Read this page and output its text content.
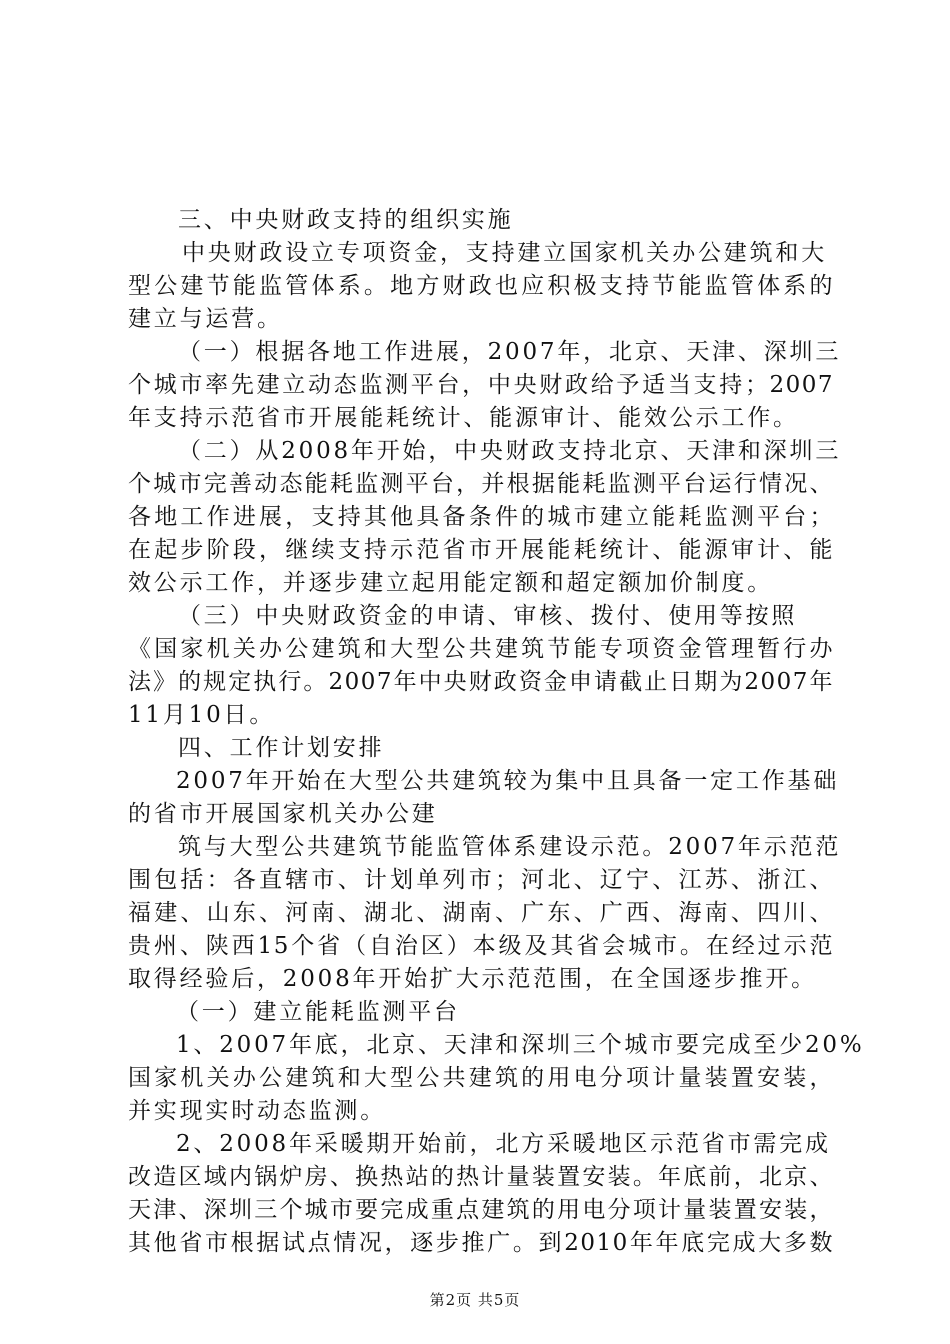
三、中央财政支持的组织实施
中央财政设立专项资金，支持建立国家机关办公建筑和大
型公建节能监管体系。地方财政也应积极支持节能监管体系的
建立与运营。
（一）根据各地工作进展，2007年，北京、天津、深圳三
个城市率先建立动态监测平台，中央财政给予适当支持；2007
年支持示范省市开展能耗统计、能源审计、能效公示工作。
（二）从2008年开始，中央财政支持北京、天津和深圳三
个城市完善动态能耗监测平台，并根据能耗监测平台运行情况、
各地工作进展，支持其他具备条件的城市建立能耗监测平台；
在起步阶段，继续支持示范省市开展能耗统计、能源审计、能
效公示工作，并逐步建立起用能定额和超定额加价制度。
（三）中央财政资金的申请、审核、拨付、使用等按照
《国家机关办公建筑和大型公共建筑节能专项资金管理暂行办
法》的规定执行。2007年中央财政资金申请截止日期为2007年
11月10日。
四、工作计划安排
2007年开始在大型公共建筑较为集中且具备一定工作基础
的省市开展国家机关办公建
筑与大型公共建筑节能监管体系建设示范。2007年示范范
围包括：各直辖市、计划单列市；河北、辽宁、江苏、浙江、
福建、山东、河南、湖北、湖南、广东、广西、海南、四川、
贵州、陕西15个省（自治区）本级及其省会城市。在经过示范
取得经验后，2008年开始扩大示范范围，在全国逐步推开。
（一）建立能耗监测平台
1、2007年底，北京、天津和深圳三个城市要完成至少20%
国家机关办公建筑和大型公共建筑的用电分项计量装置安装，
并实现实时动态监测。
2、2008年采暖期开始前，北方采暖地区示范省市需完成
改造区域内锅炉房、换热站的热计量装置安装。年底前，北京、
天津、深圳三个城市要完成重点建筑的用电分项计量装置安装，
其他省市根据试点情况，逐步推广。到2010年年底完成大多数
第2页 共5页
